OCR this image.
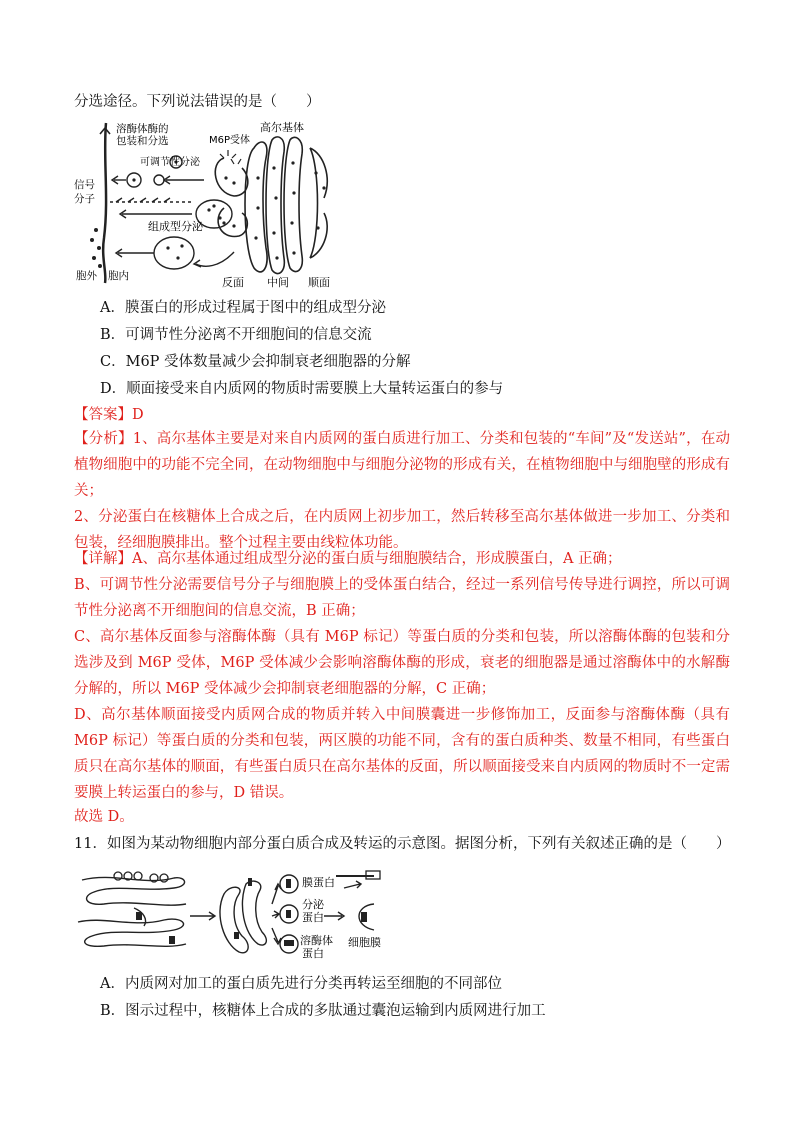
分选途径。下列说法错误的是（　　）
溶酶体酶的
包装和分选	M6P受体
高尔基体
可调节性分泌
信号
分子
组成型分泌
胞外 胞内	反面 中间 顺面
A．膜蛋白的形成过程属于图中的组成型分泌
B．可调节性分泌离不开细胞间的信息交流
C．M6P 受体数量减少会抑制衰老细胞器的分解
D．顺面接受来自内质网的物质时需要膜上大量转运蛋白的参与
【答案】D
【分析】1、高尔基体主要是对来自内质网的蛋白质进行加工、分类和包装的“车间”及“发送站”，在动植物细胞中的功能不完全同，在动物细胞中与细胞分泌物的形成有关，在植物细胞中与细胞壁的形成有关；
2、分泌蛋白在核糖体上合成之后，在内质网上初步加工，然后转移至高尔基体做进一步加工、分类和包装，经细胞膜排出。整个过程主要由线粒体功能。
【详解】A、高尔基体通过组成型分泌的蛋白质与细胞膜结合，形成膜蛋白，A 正确；
B、可调节性分泌需要信号分子与细胞膜上的受体蛋白结合，经过一系列信号传导进行调控，所以可调节性分泌离不开细胞间的信息交流，B 正确；
C、高尔基体反面参与溶酶体酶（具有 M6P 标记）等蛋白质的分类和包装，所以溶酶体酶的包装和分选涉及到 M6P 受体，M6P 受体减少会影响溶酶体酶的形成，衰老的细胞器是通过溶酶体中的水解酶分解的，所以 M6P 受体减少会抑制衰老细胞器的分解，C 正确；
D、高尔基体顺面接受内质网合成的物质并转入中间膜囊进一步修饰加工，反面参与溶酶体酶（具有 M6P 标记）等蛋白质的分类和包装，两区膜的功能不同，含有的蛋白质种类、数量不相同，有些蛋白质只在高尔基体的顺面，有些蛋白质只在高尔基体的反面，所以顺面接受来自内质网的物质时不一定需要膜上转运蛋白的参与，D 错误。
故选 D。
11．如图为某动物细胞内部分蛋白质合成及转运的示意图。据图分析，下列有关叙述正确的是（　　）
膜蛋白
分泌
蛋白
溶酶体
蛋白
细胞膜
A．内质网对加工的蛋白质先进行分类再转运至细胞的不同部位
B．图示过程中，核糖体上合成的多肽通过囊泡运输到内质网进行加工
